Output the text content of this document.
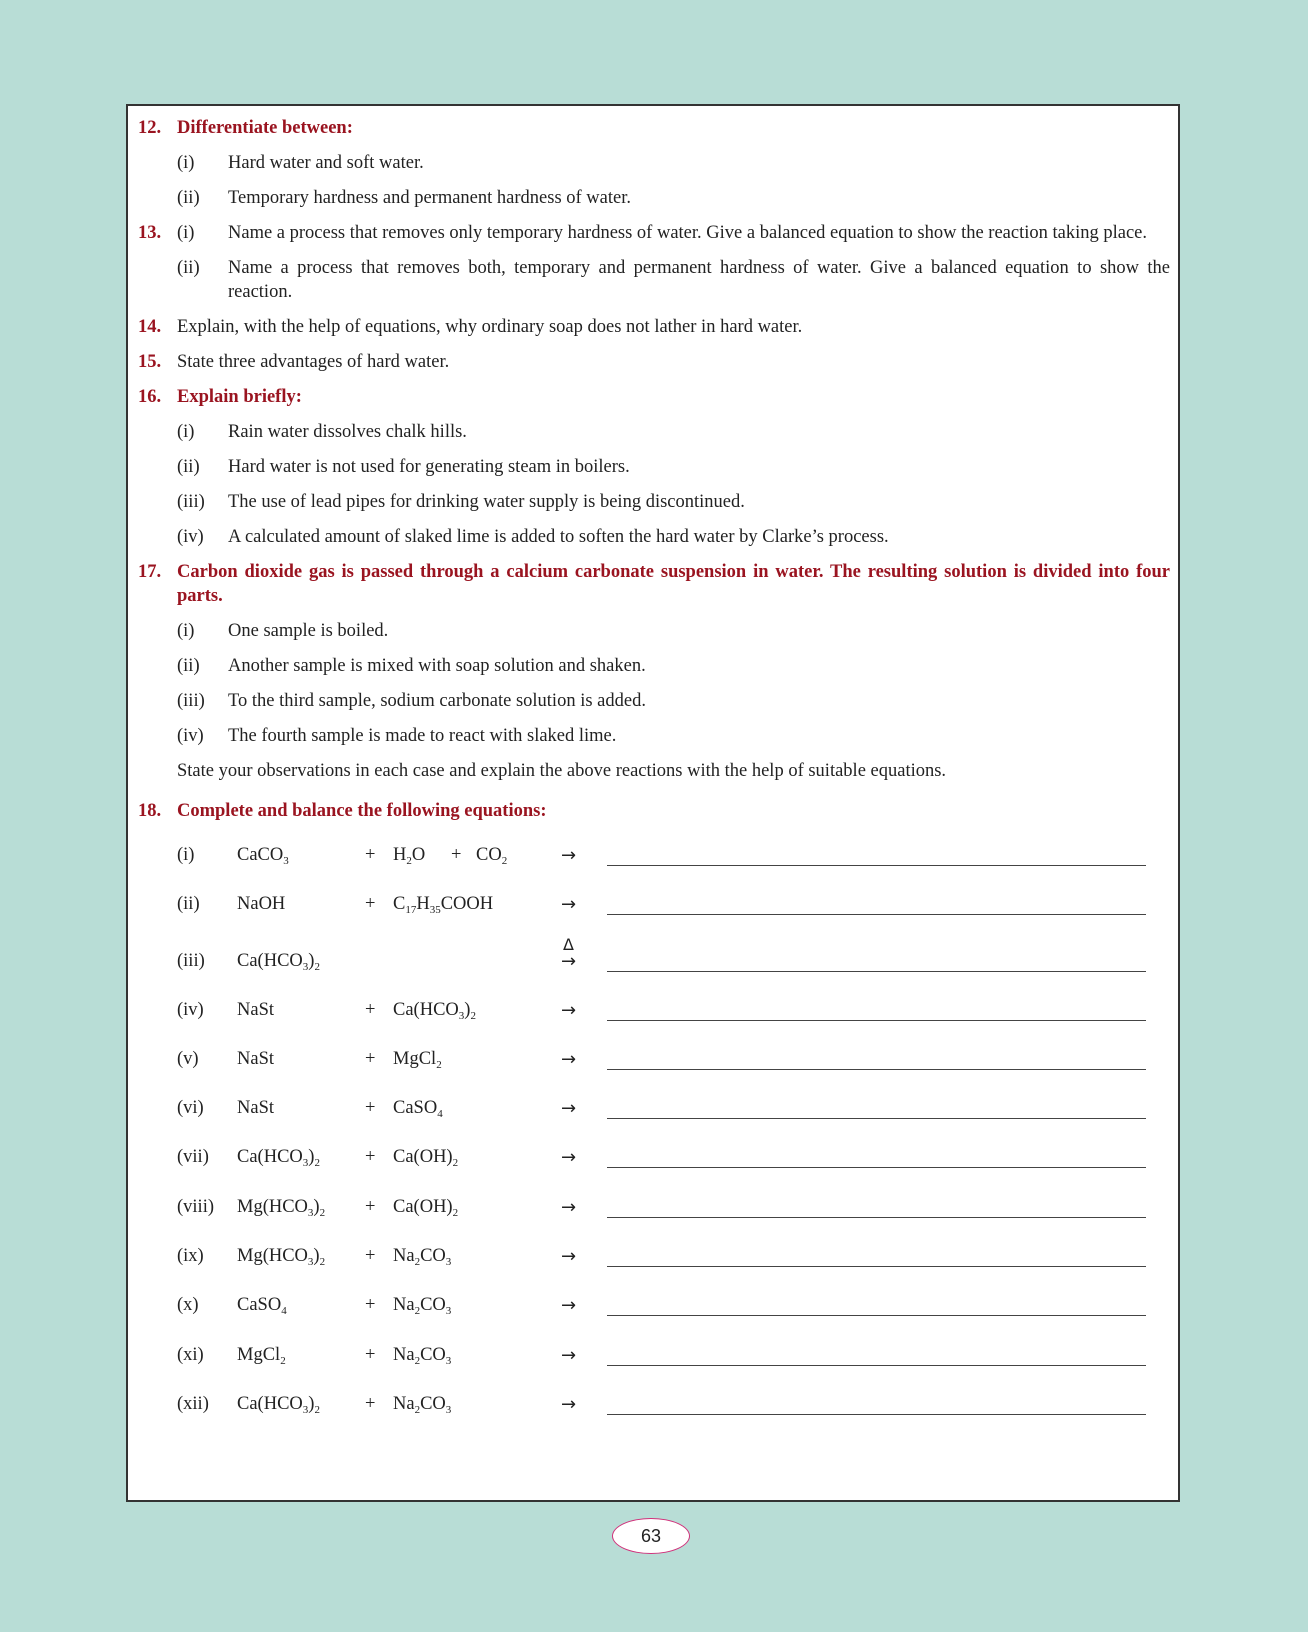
12. Differentiate between:
(i)	Hard water and soft water.
(ii)	Temporary hardness and permanent hardness of water.
13. (i)	Name a process that removes only temporary hardness of water. Give a balanced equation to show the reaction taking place.
(ii)	Name a process that removes both, temporary and permanent hardness of water. Give a balanced equation to show the reaction.
14. Explain, with the help of equations, why ordinary soap does not lather in hard water.
15. State three advantages of hard water.
16. Explain briefly:
(i)	Rain water dissolves chalk hills.
(ii)	Hard water is not used for generating steam in boilers.
(iii)	The use of lead pipes for drinking water supply is being discontinued.
(iv)	A calculated amount of slaked lime is added to soften the hard water by Clarke’s process.
17. Carbon dioxide gas is passed through a calcium carbonate suspension in water. The resulting solution is divided into four parts.
(i)	One sample is boiled.
(ii)	Another sample is mixed with soap solution and shaken.
(iii)	To the third sample, sodium carbonate solution is added.
(iv)	The fourth sample is made to react with slaked lime.
State your observations in each case and explain the above reactions with the help of suitable equations.
18. Complete and balance the following equations:
(i) CaCO$_3$	+ $H_2O + CO_2$	→
(ii) NaOH	+ $C_{17}H_{35}COOH$	→
(iii) $Ca(HCO_3)_2$
Δ
→
(iv) NaSt	+ $Ca(HCO_3)_2$	→
(v) NaSt	+ MgCl$_2$	→
(vi) NaSt	+ CaSO$_4$	→
(vii) $Ca(HCO_3)_2 + Ca(OH)_2$	→
(viii) $Mg(HCO_3)_2 + Ca(OH)_2$	→
(ix) $Mg(HCO_3)_2 + Na_2CO_3$	→
(x) CaSO$_4$	+ $Na_2CO_3$	→
(xi) MgCl$_2$	+ $Na_2CO_3$	→
(xii) $Ca(HCO_3)_2 + Na_2CO_3$	→
63
